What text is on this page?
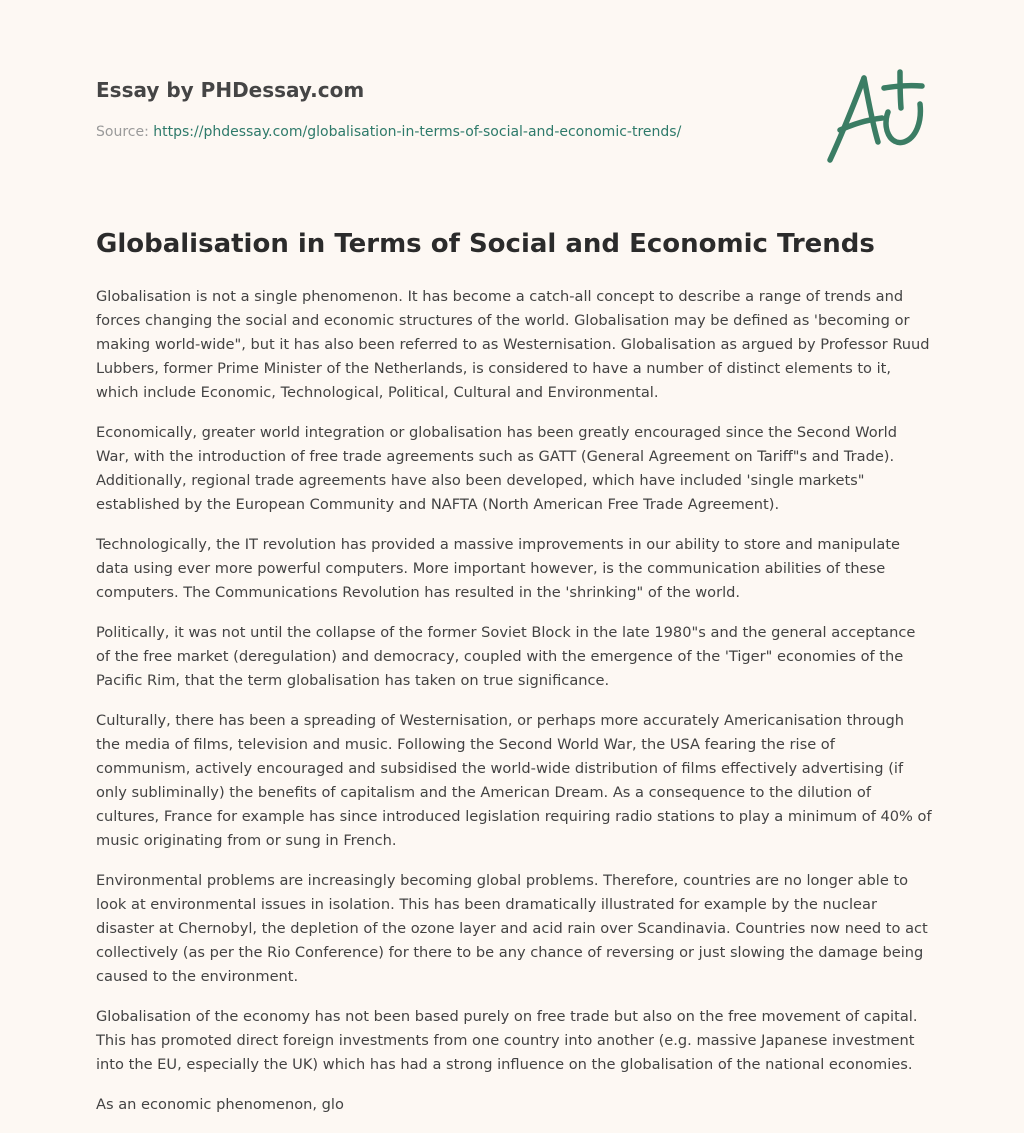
Essay by PHDessay.com
Source: https://phdessay.com/globalisation-in-terms-of-social-and-economic-trends/
Globalisation in Terms of Social and Economic Trends

Globalisation is not a single phenomenon. It has become a catch-all concept to describe a range of trends and forces changing the social and economic structures of the world. Globalisation may be defined as 'becoming or making world-wide", but it has also been referred to as Westernisation. Globalisation as argued by Professor Ruud Lubbers, former Prime Minister of the Netherlands, is considered to have a number of distinct elements to it, which include Economic, Technological, Political, Cultural and Environmental.

Economically, greater world integration or globalisation has been greatly encouraged since the Second World War, with the introduction of free trade agreements such as GATT (General Agreement on Tariff"s and Trade). Additionally, regional trade agreements have also been developed, which have included 'single markets" established by the European Community and NAFTA (North American Free Trade Agreement).

Technologically, the IT revolution has provided a massive improvements in our ability to store and manipulate data using ever more powerful computers. More important however, is the communication abilities of these computers. The Communications Revolution has resulted in the 'shrinking" of the world.

Politically, it was not until the collapse of the former Soviet Block in the late 1980"s and the general acceptance of the free market (deregulation) and democracy, coupled with the emergence of the 'Tiger" economies of the Pacific Rim, that the term globalisation has taken on true significance.

Culturally, there has been a spreading of Westernisation, or perhaps more accurately Americanisation through the media of films, television and music. Following the Second World War, the USA fearing the rise of communism, actively encouraged and subsidised the world-wide distribution of films effectively advertising (if only subliminally) the benefits of capitalism and the American Dream. As a consequence to the dilution of cultures, France for example has since introduced legislation requiring radio stations to play a minimum of 40% of music originating from or sung in French.

Environmental problems are increasingly becoming global problems. Therefore, countries are no longer able to look at environmental issues in isolation. This has been dramatically illustrated for example by the nuclear disaster at Chernobyl, the depletion of the ozone layer and acid rain over Scandinavia. Countries now need to act collectively (as per the Rio Conference) for there to be any chance of reversing or just slowing the damage being caused to the environment.

Globalisation of the economy has not been based purely on free trade but also on the free movement of capital. This has promoted direct foreign investments from one country into another (e.g. massive Japanese investment into the EU, especially the UK) which has had a strong influence on the globalisation of the national economies.

As an economic phenomenon, glo
